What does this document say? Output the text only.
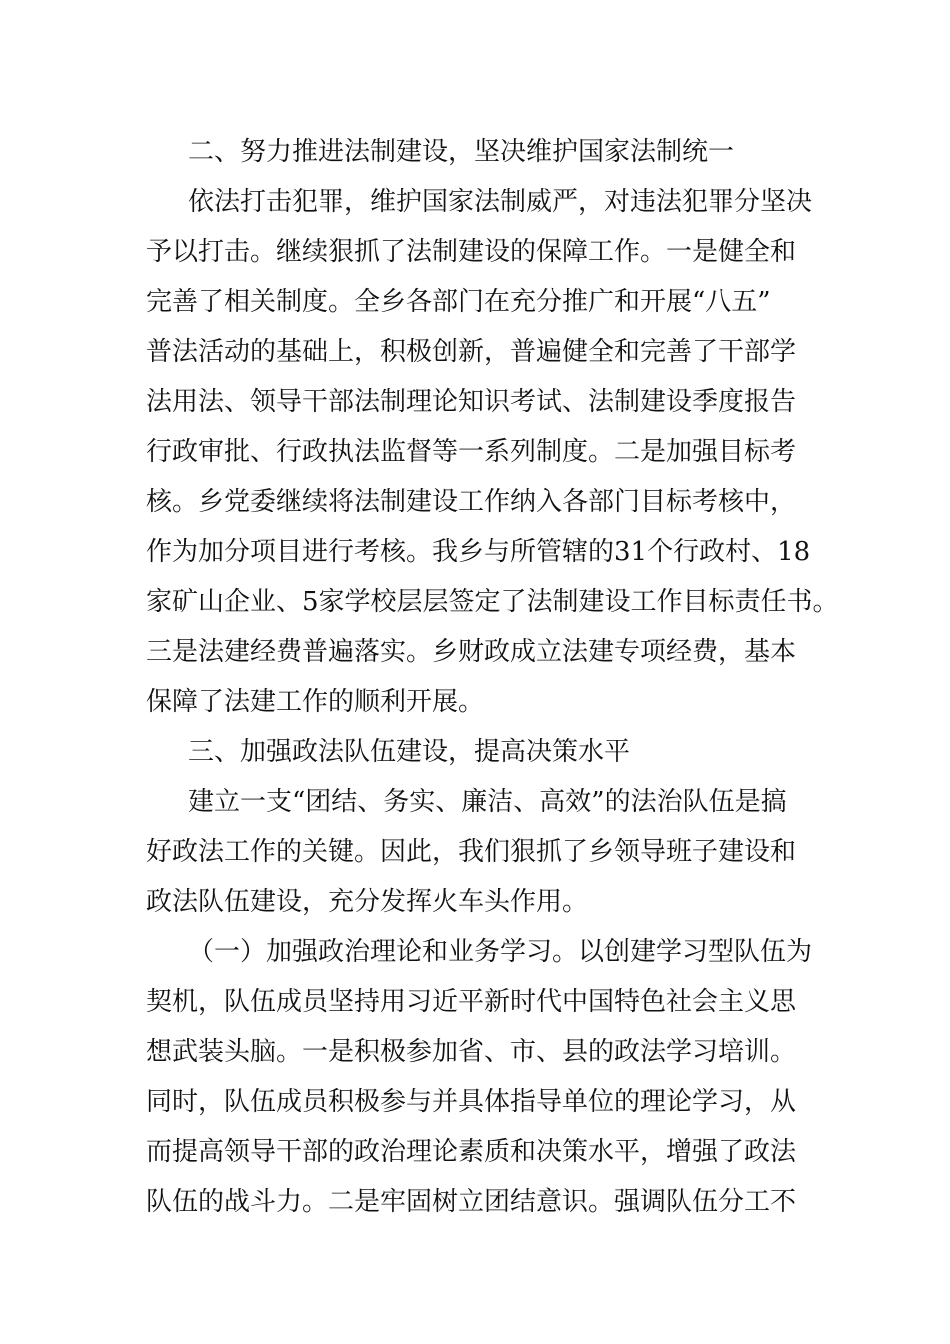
二、努力推进法制建设，坚决维护国家法制统一
依法打击犯罪，维护国家法制威严，对违法犯罪分坚决
予以打击。继续狠抓了法制建设的保障工作。一是健全和
完善了相关制度。全乡各部门在充分推广和开展“八五”
普法活动的基础上，积极创新，普遍健全和完善了干部学
法用法、领导干部法制理论知识考试、法制建设季度报告
行政审批、行政执法监督等一系列制度。二是加强目标考
核。乡党委继续将法制建设工作纳入各部门目标考核中，
作为加分项目进行考核。我乡与所管辖的31个行政村、18
家矿山企业、5家学校层层签定了法制建设工作目标责任书。
三是法建经费普遍落实。乡财政成立法建专项经费，基本
保障了法建工作的顺利开展。
三、加强政法队伍建设，提高决策水平
建立一支“团结、务实、廉洁、高效”的法治队伍是搞
好政法工作的关键。因此，我们狠抓了乡领导班子建设和
政法队伍建设，充分发挥火车头作用。
（一）加强政治理论和业务学习。以创建学习型队伍为
契机，队伍成员坚持用习近平新时代中国特色社会主义思
想武装头脑。一是积极参加省、市、县的政法学习培训。
同时，队伍成员积极参与并具体指导单位的理论学习，从
而提高领导干部的政治理论素质和决策水平，增强了政法
队伍的战斗力。二是牢固树立团结意识。强调队伍分工不
